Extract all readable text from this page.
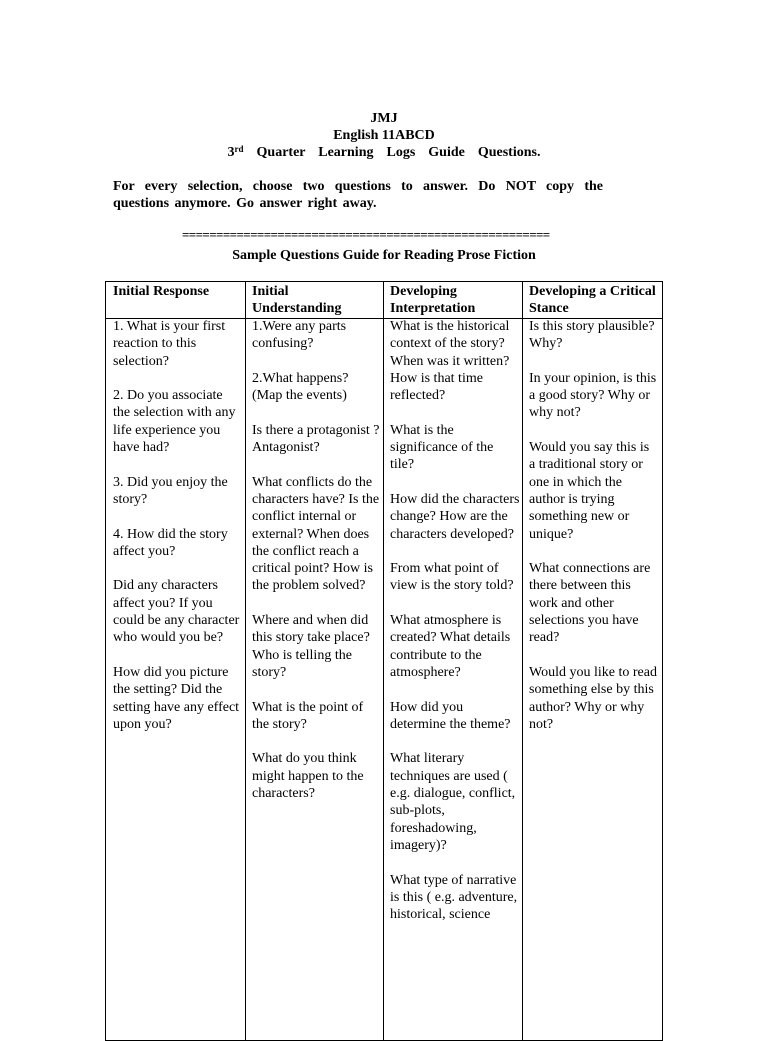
JMJ
English 11ABCD
3rd  Quarter  Learning  Logs  Guide  Questions.
For every selection, choose two questions to answer. Do NOT copy the questions anymore. Go answer right away.
======================================================
Sample Questions Guide for Reading Prose Fiction
Initial Response	Initial Understanding
Developing Interpretation
Developing a Critical Stance

1. What is your first reaction to this selection?

2. Do you associate the selection with any life experience you have had?

3. Did you enjoy the story?

4. How did the story affect you?

Did any characters affect you? If you could be any character who would you be?

How did you picture the setting? Did the setting have any effect upon you?

1.Were any parts confusing?

2.What happens? (Map the events)

Is there a protagonist ? Antagonist?

What conflicts do the characters have? Is the conflict internal or external? When does the conflict reach a critical point? How is the problem solved?

Where and when did this story take place? Who is telling the story?

What is the point of the story?

What do you think might happen to the characters?

What is the historical context of the story? When was it written? How is that time reflected?

What is the significance of the tile?

How did the characters change? How are the characters developed?

From what point of view is the story told?

What atmosphere is created? What details contribute to the atmosphere?

How did you determine the theme?

What literary techniques are used ( e.g. dialogue, conflict, sub-plots, foreshadowing, imagery)?

What type of narrative is this ( e.g. adventure, historical, science

Is this story plausible? Why?

In your opinion, is this a good story? Why or why not?

Would you say this is a traditional story or one in which the author is trying something new or unique?

What connections are there between this work and other selections you have read?

Would you like to read something else by this author? Why or why not?
